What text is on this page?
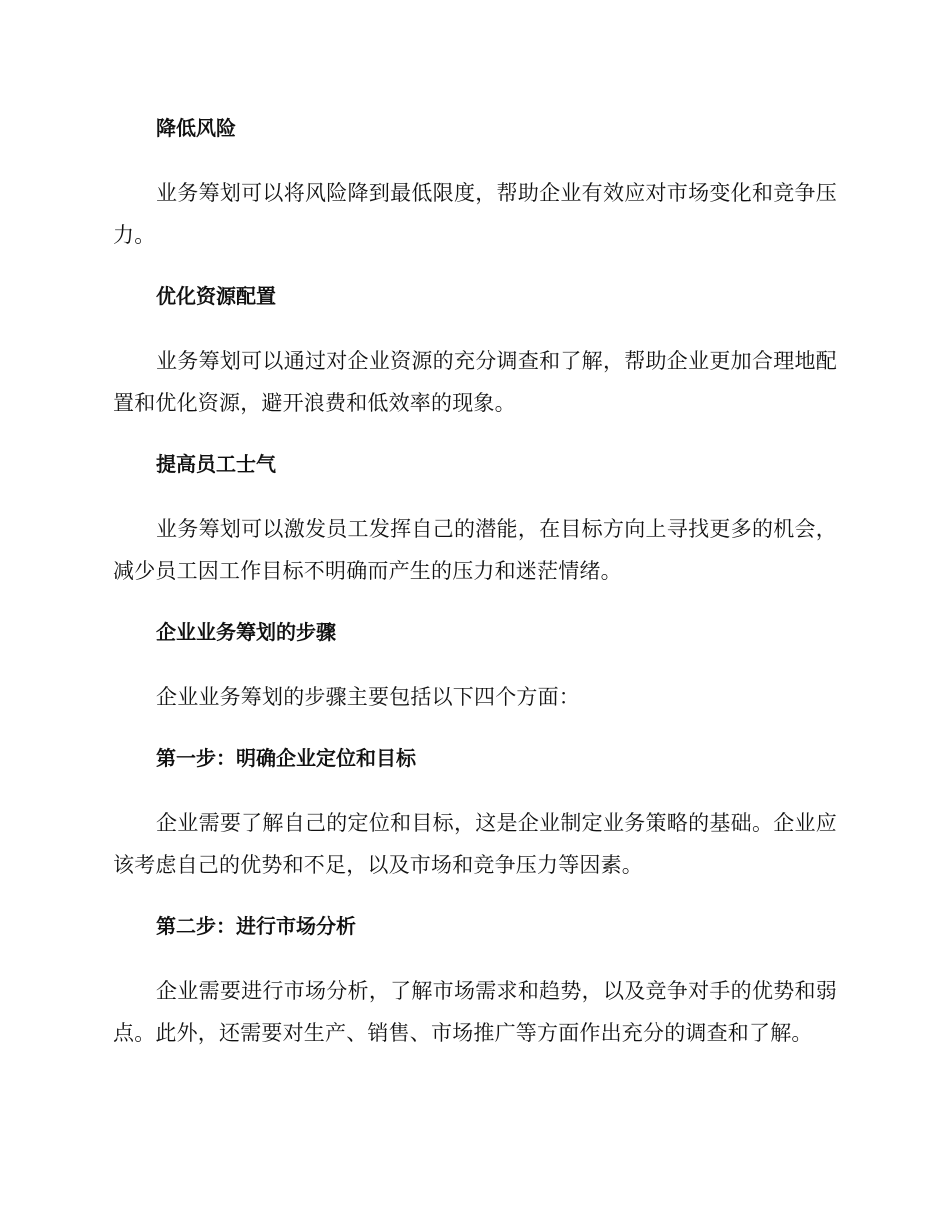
降低风险

业务筹划可以将风险降到最低限度，帮助企业有效应对市场变化和竞争压力。

优化资源配置

业务筹划可以通过对企业资源的充分调查和了解，帮助企业更加合理地配置和优化资源，避开浪费和低效率的现象。

提高员工士气

业务筹划可以激发员工发挥自己的潜能，在目标方向上寻找更多的机会，减少员工因工作目标不明确而产生的压力和迷茫情绪。

企业业务筹划的步骤

企业业务筹划的步骤主要包括以下四个方面：

第一步：明确企业定位和目标

企业需要了解自己的定位和目标，这是企业制定业务策略的基础。企业应该考虑自己的优势和不足，以及市场和竞争压力等因素。

第二步：进行市场分析

企业需要进行市场分析，了解市场需求和趋势，以及竞争对手的优势和弱点。此外，还需要对生产、销售、市场推广等方面作出充分的调查和了解。
